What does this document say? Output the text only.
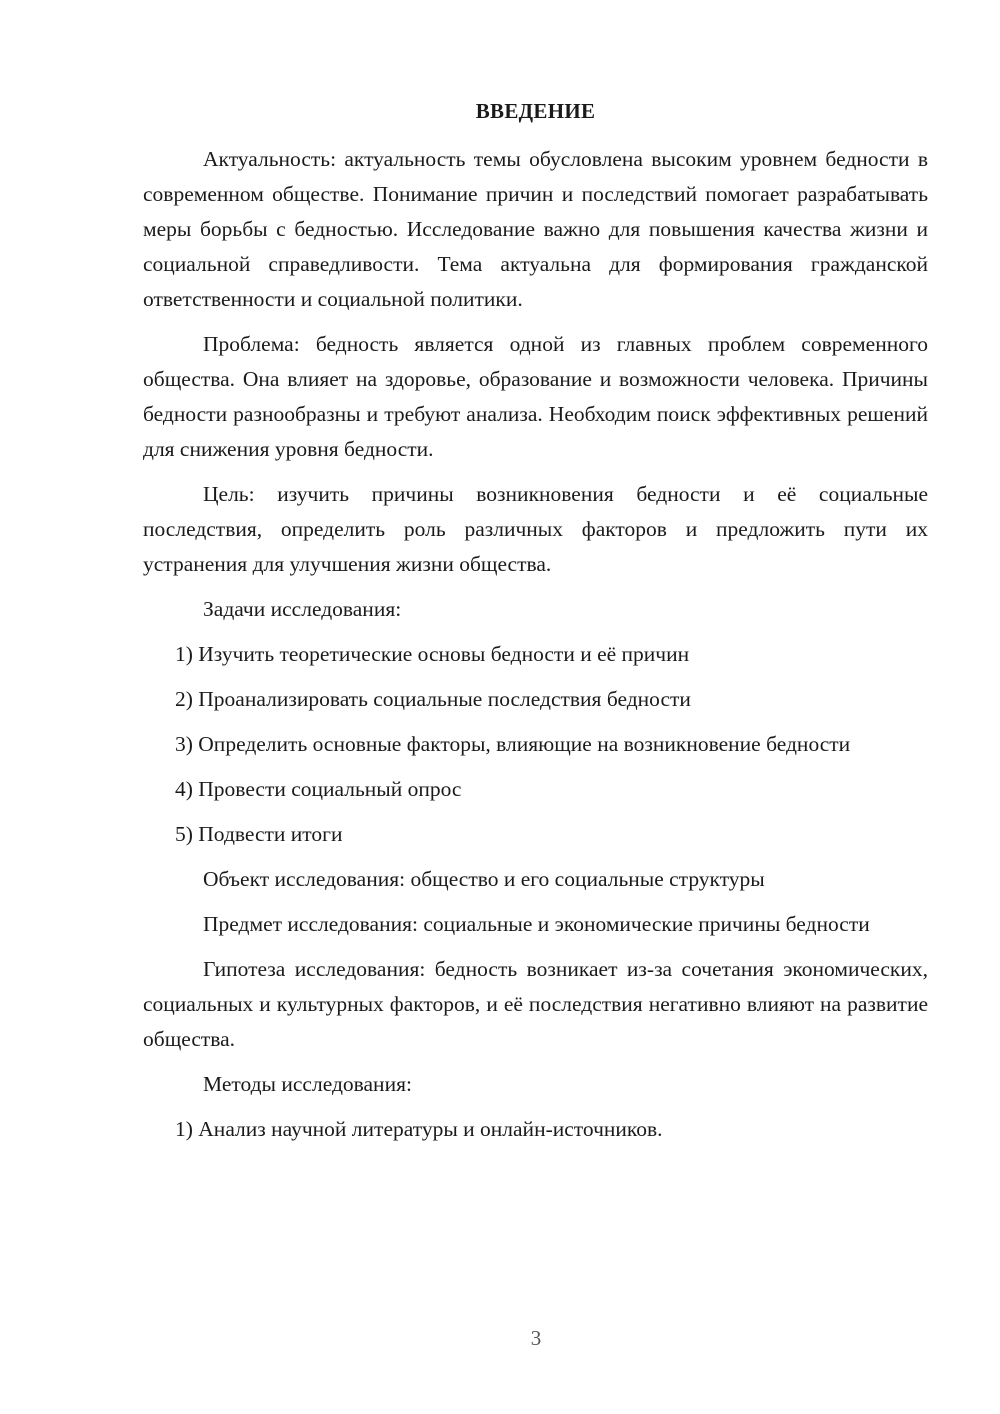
ВВЕДЕНИЕ

Актуальность: актуальность темы обусловлена высоким уровнем бедности в современном обществе. Понимание причин и последствий помогает разрабатывать меры борьбы с бедностью. Исследование важно для повышения качества жизни и социальной справедливости. Тема актуальна для формирования гражданской ответственности и социальной политики.

Проблема: бедность является одной из главных проблем современного общества. Она влияет на здоровье, образование и возможности человека. Причины бедности разнообразны и требуют анализа. Необходим поиск эффективных решений для снижения уровня бедности.

Цель: изучить причины возникновения бедности и её социальные последствия, определить роль различных факторов и предложить пути их устранения для улучшения жизни общества.

Задачи исследования:

1) Изучить теоретические основы бедности и её причин

2) Проанализировать социальные последствия бедности

3) Определить основные факторы, влияющие на возникновение бедности

4) Провести социальный опрос

5) Подвести итоги

Объект исследования: общество и его социальные структуры

Предмет исследования: социальные и экономические причины бедности

Гипотеза исследования: бедность возникает из-за сочетания экономических, социальных и культурных факторов, и её последствия негативно влияют на развитие общества.

Методы исследования:

1) Анализ научной литературы и онлайн-источников.

3
